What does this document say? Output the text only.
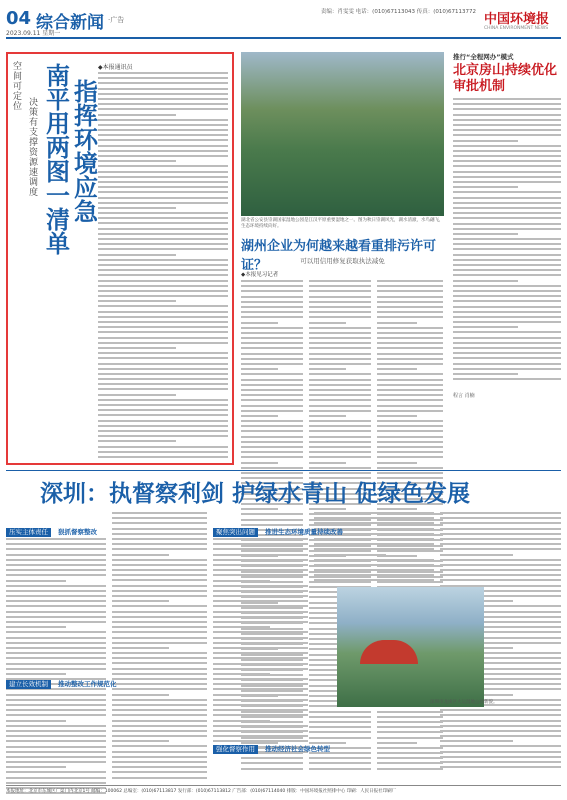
04 综合新闻 ·广告
2023.09.11 星期一
责编：肖雯雯 电话：(010)67113043 传真：(010)67113772 中国环境报
CHINA ENVIRONMENT NEWS
空间可定位 决策有支撑 资源速调度
南平用两图一清单
指挥环境应急
◆本报通讯员
湖北省公安县崇湖国家湿地公园是江汉平原重要湿地之一。图为秋日崇湖风光，湖水清澈，水鸟翩飞，生态环境持续向好。
湖州企业为何越来越看重排污许可证？	可以用信用修复获取执法减免
◆本报见习记者
推行“全程网办”模式
北京房山持续优化审批机制
程言 肖楠
深圳：执督察利剑 护绿水青山 促绿色发展
压实主体责任	狠抓督察整改
建立长效机制	推动整改工作规范化
聚焦突出问题	推进生态环境质量持续改善
强化督察作用	推动经济社会绿色转型
深圳市龙岗区大运湿地公园新貌。
本报地址：北京市东城区广渠门内北京1号 邮编：100062 总编室：(010)67113817 发行部：(010)67113812 广告部：(010)67114040 排版：中国环境报社照排中心 印刷：人民日报社印刷厂
